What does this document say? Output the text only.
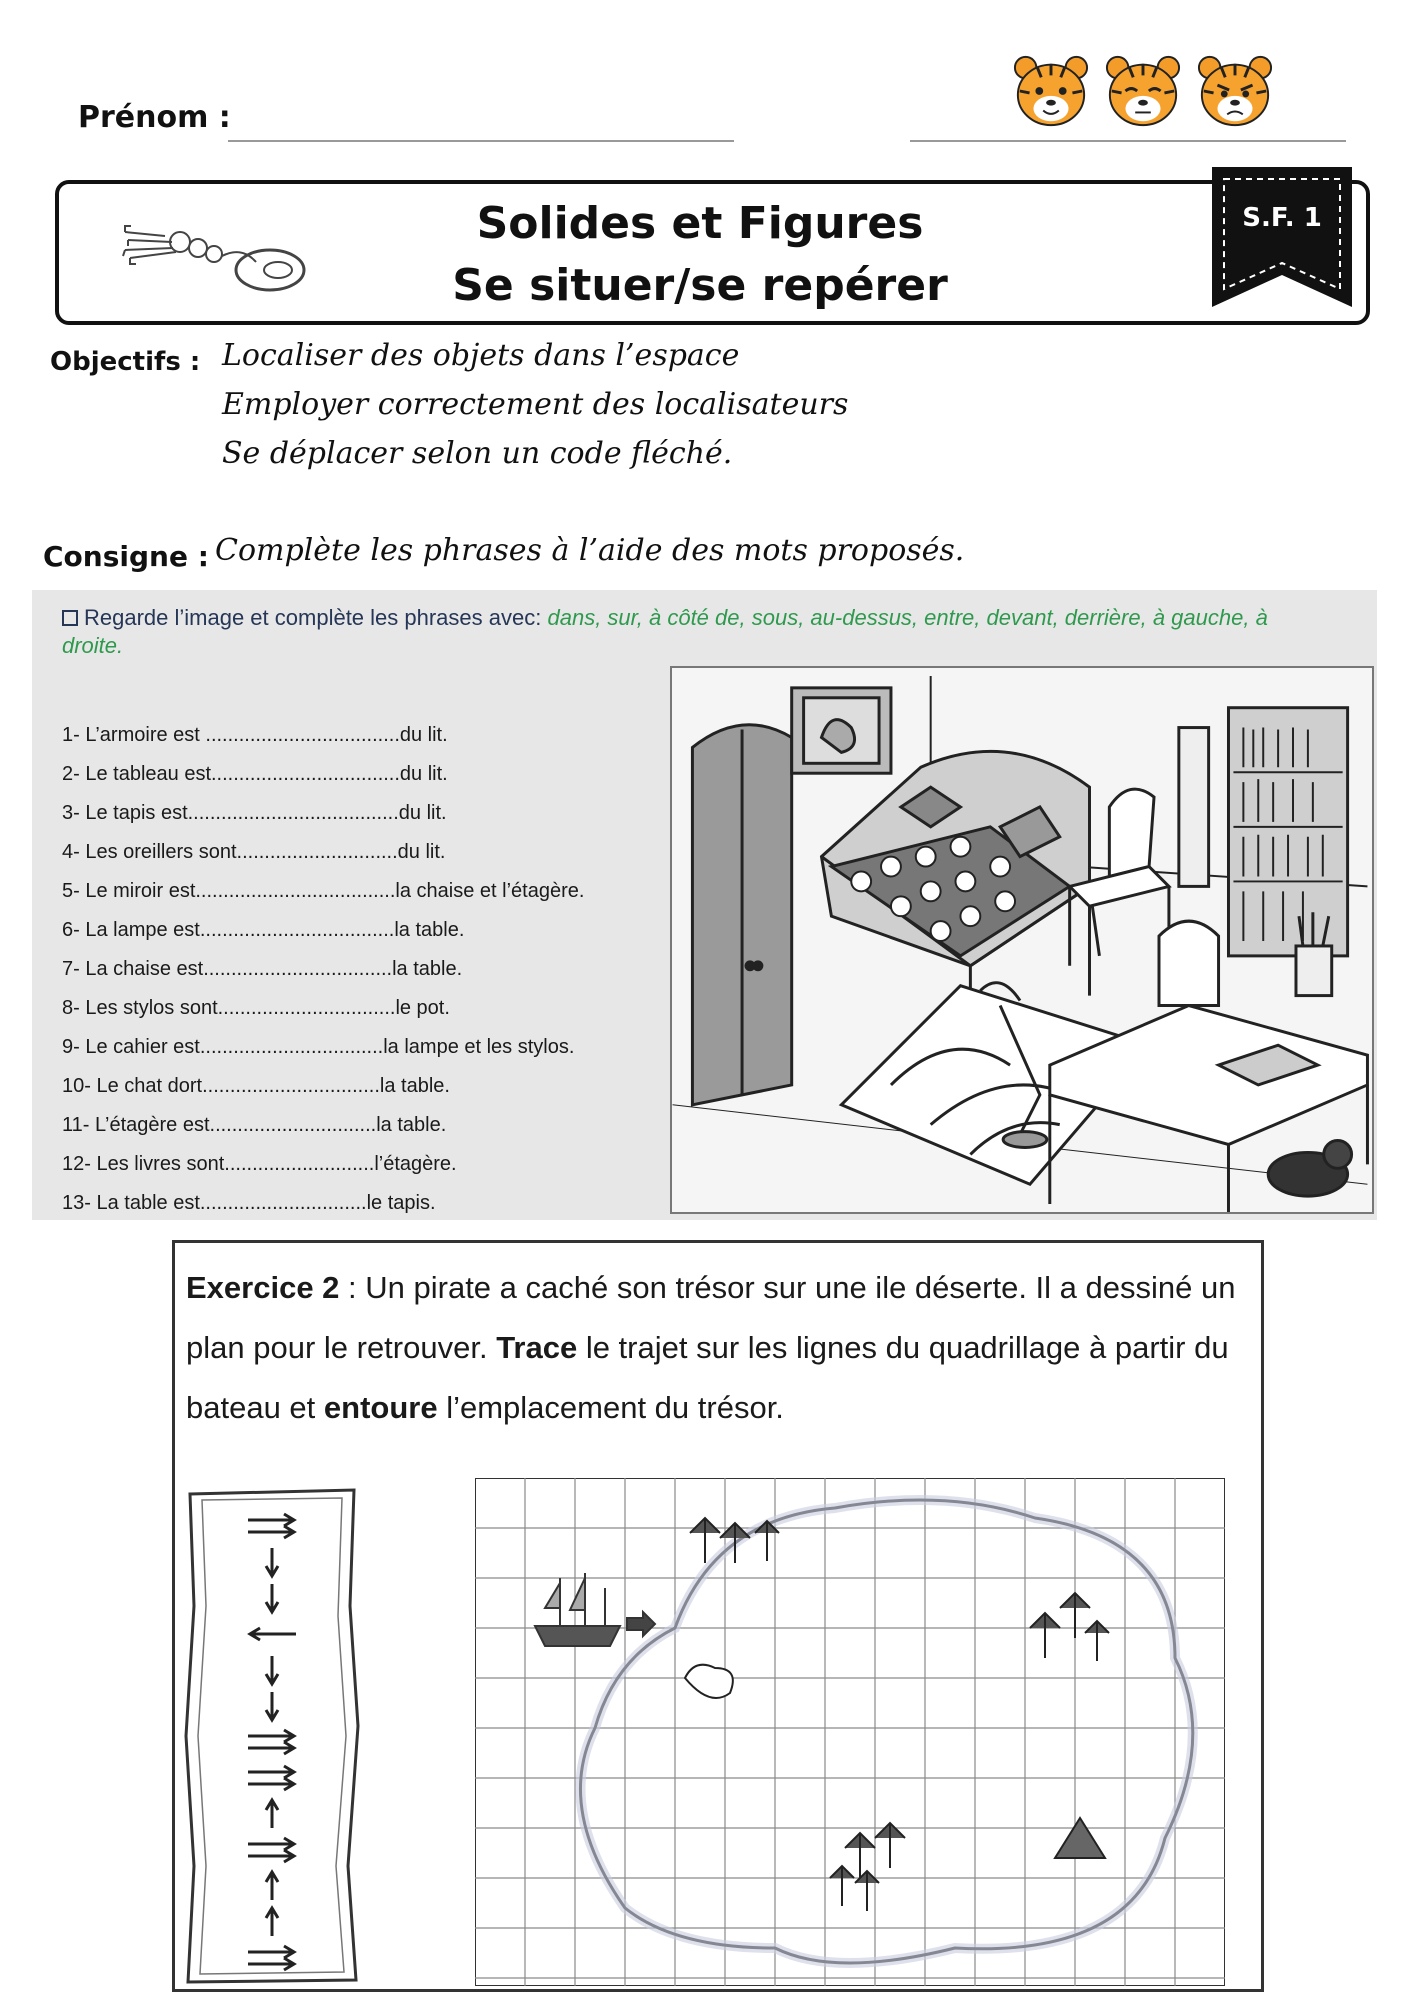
Prénom :
Solides et Figures
Se situer/se repérer
S.F. 1
Objectifs : Localiser des objets dans l’espace
Employer correctement des localisateurs
Se déplacer selon un code fléché.
Consigne : Complète les phrases à l’aide des mots proposés.
Regarde l’image et complète les phrases avec: dans, sur, à côté de, sous, au-dessus, entre, devant, derrière, à gauche, à droite.
1- L’armoire est ...................................du lit.
2- Le tableau est..................................du lit.
3- Le tapis est......................................du lit.
4- Les oreillers sont.............................du lit.
5- Le miroir est....................................la chaise et l’étagère.
6- La lampe est...................................la table.
7- La chaise est..................................la table.
8- Les stylos sont................................le pot.
9- Le cahier est.................................la lampe et les stylos.
10- Le chat dort................................la table.
11- L’étagère est..............................la table.
12- Les livres sont...........................l’étagère.
13- La table est..............................le tapis.
Exercice 2 : Un pirate a caché son trésor sur une ile déserte. Il a dessiné un plan pour le retrouver. Trace le trajet sur les lignes du quadrillage à partir du bateau et entoure l’emplacement du trésor.
